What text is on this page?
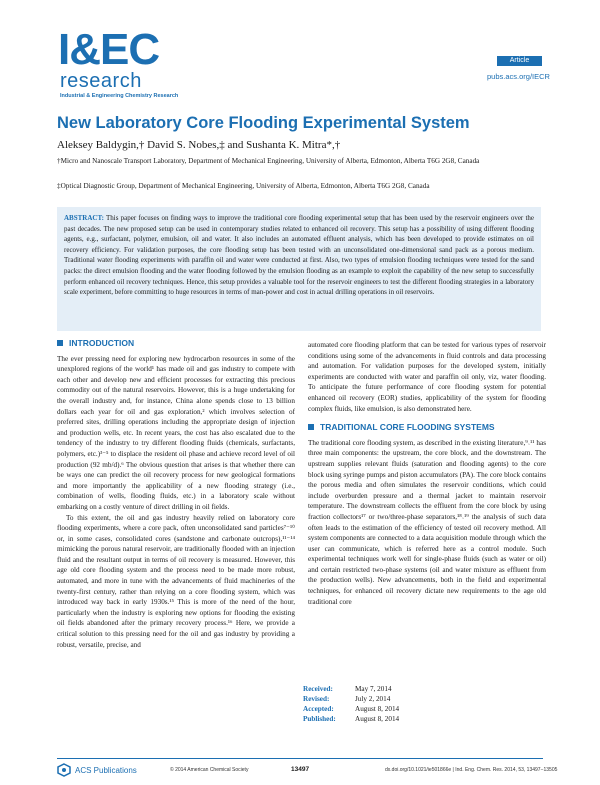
I&EC
research
Industrial & Engineering Chemistry Research
Article
pubs.acs.org/IECR
New Laboratory Core Flooding Experimental System
Aleksey Baldygin,† David S. Nobes,‡ and Sushanta K. Mitra*,†
†Micro and Nanoscale Transport Laboratory, Department of Mechanical Engineering, University of Alberta, Edmonton, Alberta T6G 2G8, Canada
‡Optical Diagnostic Group, Department of Mechanical Engineering, University of Alberta, Edmonton, Alberta T6G 2G8, Canada
ABSTRACT: This paper focuses on finding ways to improve the traditional core flooding experimental setup that has been used by the reservoir engineers over the past decades. The new proposed setup can be used in contemporary studies related to enhanced oil recovery. This setup has a possibility of using different flooding agents, e.g., surfactant, polymer, emulsion, oil and water. It also includes an automated effluent analysis, which has been developed to provide estimates on oil recovery efficiency. For validation purposes, the core flooding setup has been tested with an unconsolidated one-dimensional sand pack as a porous medium. Traditional water flooding experiments with paraffin oil and water were conducted at first. Also, two types of emulsion flooding techniques were tested for the sand packs: the direct emulsion flooding and the water flooding followed by the emulsion flooding as an example to exploit the capability of the new setup to successfully perform enhanced oil recovery techniques. Hence, this setup provides a valuable tool for the reservoir engineers to test the different flooding strategies in a laboratory scale experiment, before committing to huge resources in terms of man-power and cost in actual drilling operations in oil reservoirs.
INTRODUCTION

The ever pressing need for exploring new hydrocarbon resources in some of the unexplored regions of the world¹ has made oil and gas industry to compete with each other and develop new and efficient processes for extracting this precious commodity out of the natural reservoirs. However, this is a huge undertaking for the overall industry and, for instance, China alone spends close to 13 billion dollars each year for oil and gas exploration,² which involves selection of preferred sites, drilling operations including the appropriate design of injection and production wells, etc. In recent years, the cost has also escalated due to the tendency of the industry to try different flooding fluids (chemicals, surfactants, polymers, etc.)³⁻⁵ to displace the resident oil phase and achieve record level of oil production (92 mb/d).⁶ The obvious question that arises is that whether there can be ways one can predict the oil recovery process for new geological formations and more importantly the applicability of a new flooding strategy (i.e., combination of wells, flooding fluids, etc.) in a laboratory scale without embarking on a costly venture of direct drilling in oil fields.

To this extent, the oil and gas industry heavily relied on laboratory core flooding experiments, where a core pack, often unconsolidated sand particles⁷⁻¹⁰ or, in some cases, consolidated cores (sandstone and carbonate outcrops),¹¹⁻¹⁴ mimicking the porous natural reservoir, are traditionally flooded with an injection fluid and the resultant output in terms of oil recovery is measured. However, this age old core flooding system and the process need to be made more robust, automated, and more in tune with the advancements of fluid machineries of the twenty-first century, rather than relying on a core flooding system, which was introduced way back in early 1930s.¹⁵ This is more of the need of the hour, particularly when the industry is exploring new options for flooding the existing oil fields abandoned after the primary recovery process.¹⁶ Here, we provide a critical solution to this pressing need for the oil and gas industry by providing a robust, versatile, precise, and

automated core flooding platform that can be tested for various types of reservoir conditions using some of the advancements in fluid controls and data processing and automation. For validation purposes for the developed system, initially experiments are conducted with water and paraffin oil only, viz, water flooding. To anticipate the future performance of core flooding system for potential enhanced oil recovery (EOR) studies, applicability of the system for flooding complex fluids, like emulsion, is also demonstrated here.

TRADITIONAL CORE FLOODING SYSTEMS

The traditional core flooding system, as described in the existing literature,⁹˒¹¹ has three main components: the upstream, the core block, and the downstream. The upstream supplies relevant fluids (saturation and flooding agents) to the core block using syringe pumps and piston accumulators (PA). The core block contains the porous media and often simulates the reservoir conditions, which could include overburden pressure and a thermal jacket to maintain reservoir temperature. The downstream collects the effluent from the core block by using fraction collectors¹⁷ or two/three-phase separators,¹⁸˒¹⁹ the analysis of such data often leads to the estimation of the efficiency of tested oil recovery method. All system components are connected to a data acquisition module through which the user can communicate, which is referred here as a control module. Such experimental techniques work well for single-phase fluids (such as water or oil) and certain restricted two-phase systems (oil and water mixture as effluent from the production wells). New advancements, both in the field and experimental techniques, for enhanced oil recovery dictate new requirements to the age old traditional core

Received:	May 7, 2014
Revised:	July 2, 2014
Accepted:	August 8, 2014
Published:	August 8, 2014
ACS Publications	© 2014 American Chemical Society	13497	dx.doi.org/10.1021/ie501866e | Ind. Eng. Chem. Res. 2014, 53, 13497−13505
